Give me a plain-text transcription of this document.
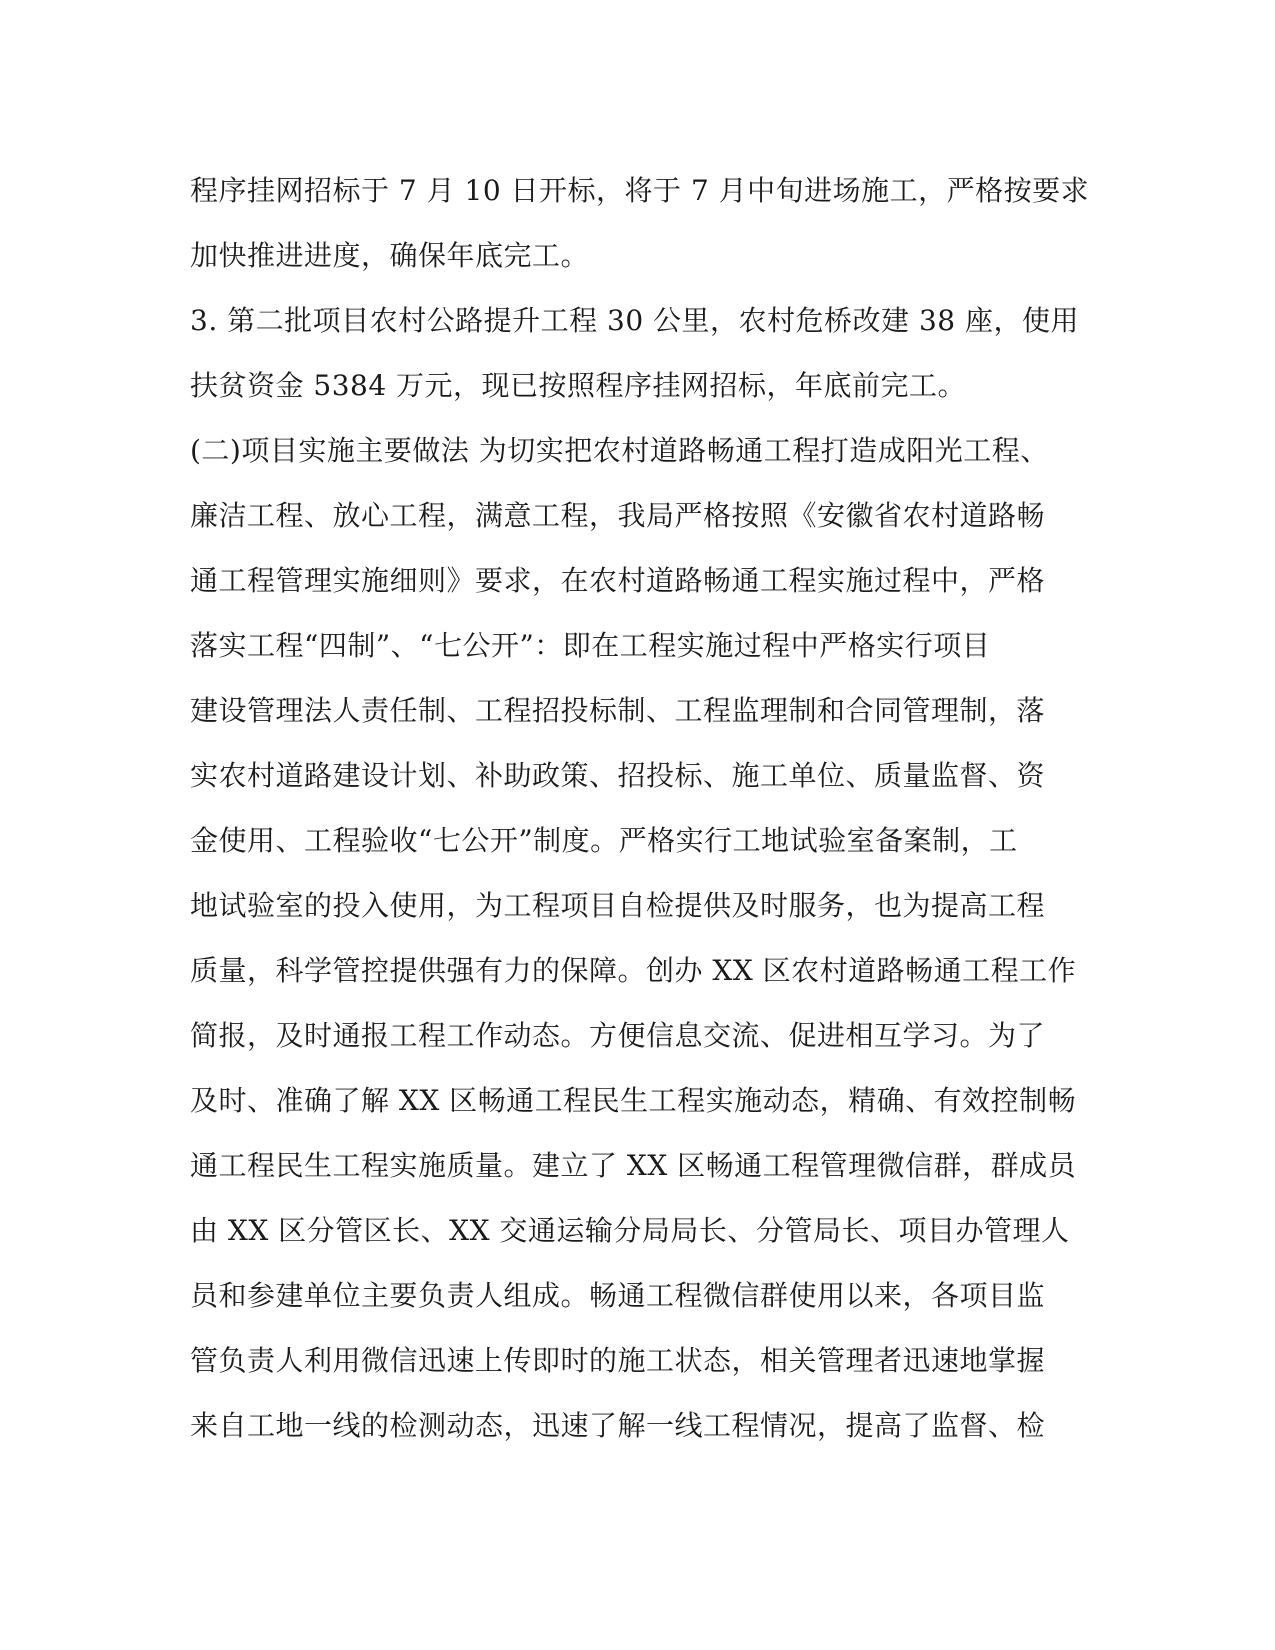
程序挂网招标于 7 月 10 日开标，将于 7 月中旬进场施工，严格按要求
加快推进进度，确保年底完工。
3. 第二批项目农村公路提升工程 30 公里，农村危桥改建 38 座，使用
扶贫资金 5384 万元，现已按照程序挂网招标，年底前完工。
(二)项目实施主要做法 为切实把农村道路畅通工程打造成阳光工程、
廉洁工程、放心工程，满意工程，我局严格按照《安徽省农村道路畅
通工程管理实施细则》要求，在农村道路畅通工程实施过程中，严格
落实工程“四制”、“七公开”：即在工程实施过程中严格实行项目
建设管理法人责任制、工程招投标制、工程监理制和合同管理制，落
实农村道路建设计划、补助政策、招投标、施工单位、质量监督、资
金使用、工程验收“七公开”制度。严格实行工地试验室备案制，工
地试验室的投入使用，为工程项目自检提供及时服务，也为提高工程
质量，科学管控提供强有力的保障。创办 XX 区农村道路畅通工程工作
简报，及时通报工程工作动态。方便信息交流、促进相互学习。为了
及时、准确了解 XX 区畅通工程民生工程实施动态，精确、有效控制畅
通工程民生工程实施质量。建立了 XX 区畅通工程管理微信群，群成员
由 XX 区分管区长、XX 交通运输分局局长、分管局长、项目办管理人
员和参建单位主要负责人组成。畅通工程微信群使用以来，各项目监
管负责人利用微信迅速上传即时的施工状态，相关管理者迅速地掌握
来自工地一线的检测动态，迅速了解一线工程情况，提高了监督、检
